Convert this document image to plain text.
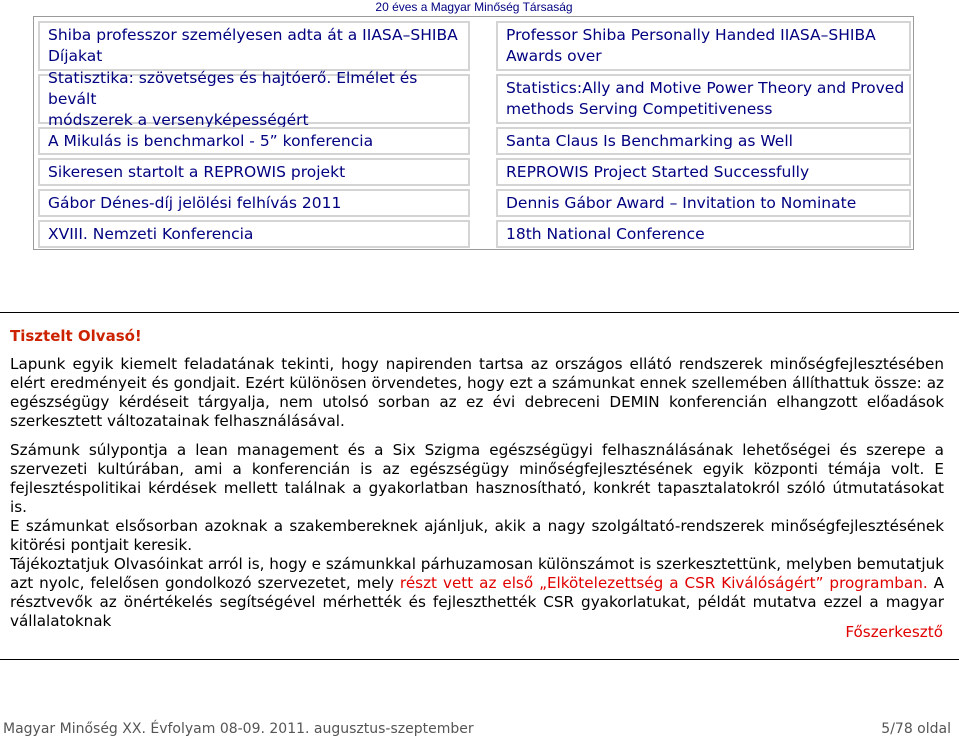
20 éves a Magyar Minőség Társaság
Shiba professzor személyesen adta át a IIASA–SHIBA
Díjakat
Statisztika: szövetséges és hajtóerő. Elmélet és bevált
módszerek a versenyképességért
A Mikulás is benchmarkol - 5” konferencia
Sikeresen startolt a REPROWIS projekt
Gábor Dénes-díj jelölési felhívás 2011
XVIII. Nemzeti Konferencia
Professor Shiba Personally Handed IIASA–SHIBA
Awards over
Statistics:Ally and Motive Power Theory and Proved
methods Serving Competitiveness
Santa Claus Is Benchmarking as Well
REPROWIS Project Started Successfully
Dennis Gábor Award – Invitation to Nominate
18th National Conference
Tisztelt Olvasó!

Lapunk egyik kiemelt feladatának tekinti, hogy napirenden tartsa az országos ellátó rendszerek minőségfejlesztésében elért eredményeit és gondjait. Ezért különösen örvendetes, hogy ezt a számunkat ennek szellemében állíthattuk össze: az egészségügy kérdéseit tárgyalja, nem utolsó sorban az ez évi debreceni DEMIN konferencián elhangzott előadások szerkesztett változatainak felhasználásával.

Számunk súlypontja a lean management és a Six Szigma egészségügyi felhasználásának lehetőségei és szerepe a szervezeti kultúrában, ami a konferencián is az egészségügy minőségfejlesztésének egyik központi témája volt. E fejlesztéspolitikai kérdések mellett találnak a gyakorlatban hasznosítható, konkrét tapasztalatokról szóló útmutatásokat is.

E számunkat elsősorban azoknak a szakembereknek ajánljuk, akik a nagy szolgáltató-rendszerek minőségfejlesztésének kitörési pontjait keresik.

Tájékoztatjuk Olvasóinkat arról is, hogy e számunkkal párhuzamosan különszámot is szerkesztettünk, melyben bemutatjuk azt nyolc, felelősen gondolkozó szervezetet, mely részt vett az első „Elkötelezettség a CSR Kiválóságért” programban. A résztvevők az önértékelés segítségével mérhették és fejleszthették CSR gyakorlatukat, példát mutatva ezzel a magyar vállalatoknak

Főszerkesztő
Magyar Minőség XX. Évfolyam 08-09. 2011. augusztus-szeptember	5/78 oldal
